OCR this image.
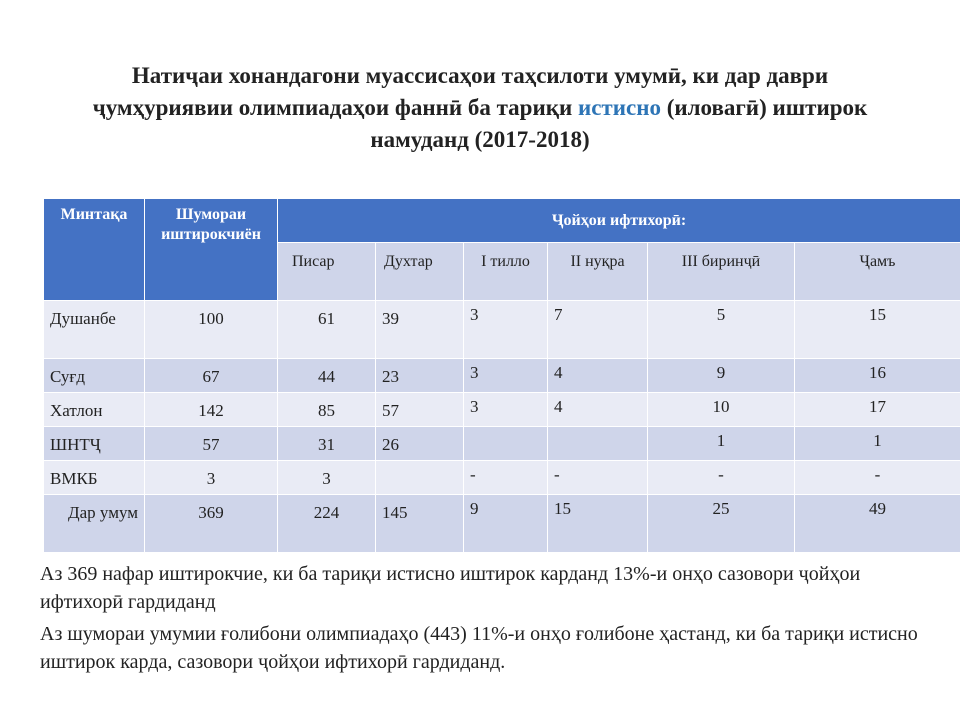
Натиҷаи хонандагони муассисаҳои таҳсилоти умумӣ, ки дар даври ҷумҳуриявии олимпиадаҳои фаннӣ ба тариқи истисно (иловагӣ) иштирок намуданд (2017-2018)
Минтақа	Шумораи иштирокчиён	Ҷойҳои ифтихорӣ:					
		Писар	Духтар	I тилло	II нуқра	III биринҷӣ	Ҷамъ
Душанбе	100	61	39	3	7	5	15
Суғд	67	44	23	3	4	9	16
Хатлон	142	85	57	3	4	10	17
ШНТҶ	57	31	26			1	1
ВМКБ	3	3		-	-	-	-
Дар умум	369	224	145	9	15	25	49
Аз 369 нафар иштирокчие, ки ба тариқи истисно иштирок карданд 13%-и онҳо сазовори ҷойҳои ифтихорӣ гардиданд
Аз шумораи умумии ғолибони олимпиадаҳо (443) 11%-и онҳо ғолибоне ҳастанд, ки ба тариқи истисно иштирок карда, сазовори ҷойҳои ифтихорӣ гардиданд.
